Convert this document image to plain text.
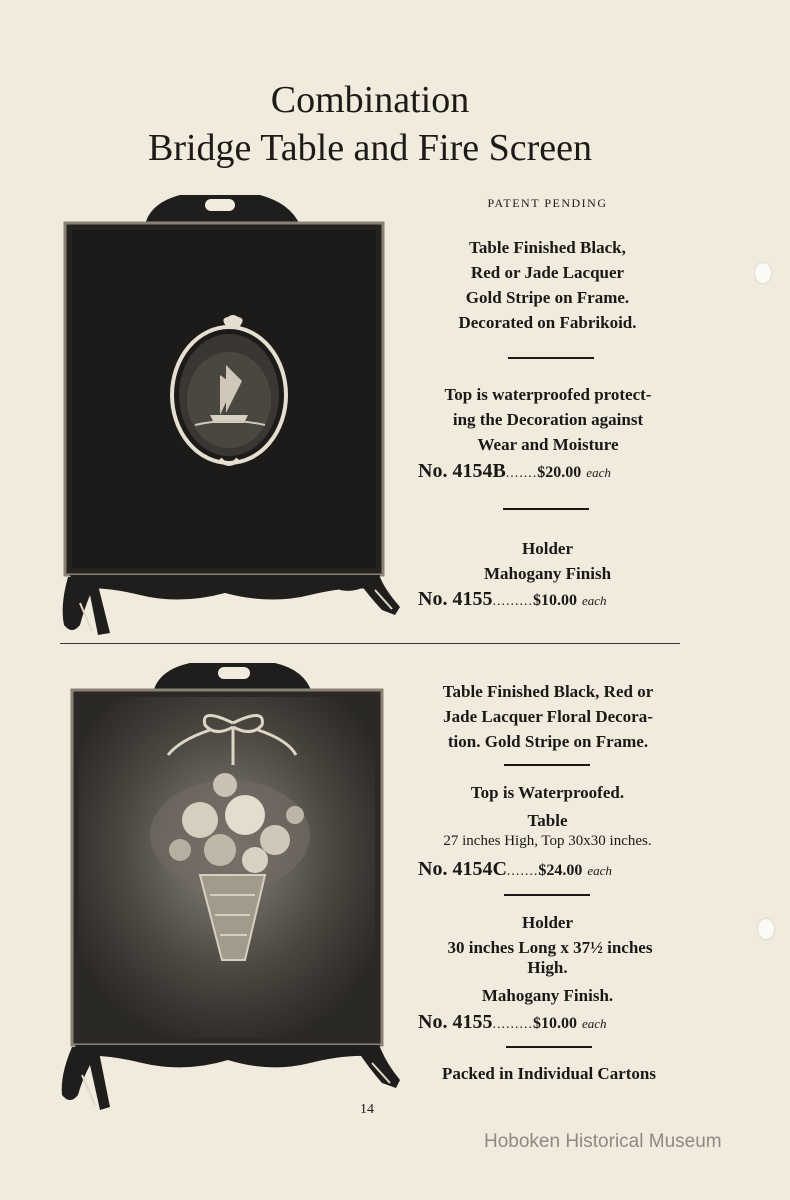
Combination
Bridge Table and Fire Screen
PATENT PENDING
Table Finished Black,
Red or Jade Lacquer
Gold Stripe on Frame.
Decorated on Fabrikoid.
Top is waterproofed protect-
ing the Decoration against
Wear and Moisture
No. 4154B.......$20.00 each
Holder
Mahogany Finish
No. 4155.........$10.00 each
Table Finished Black, Red or
Jade Lacquer Floral Decora-
tion. Gold Stripe on Frame.
Top is Waterproofed.
Table
27 inches High, Top 30x30 inches.
No. 4154C.......$24.00 each
Holder
30 inches Long x 37½ inches
High.
Mahogany Finish.
No. 4155.........$10.00 each
Packed in Individual Cartons
14
Hoboken Historical Museum
